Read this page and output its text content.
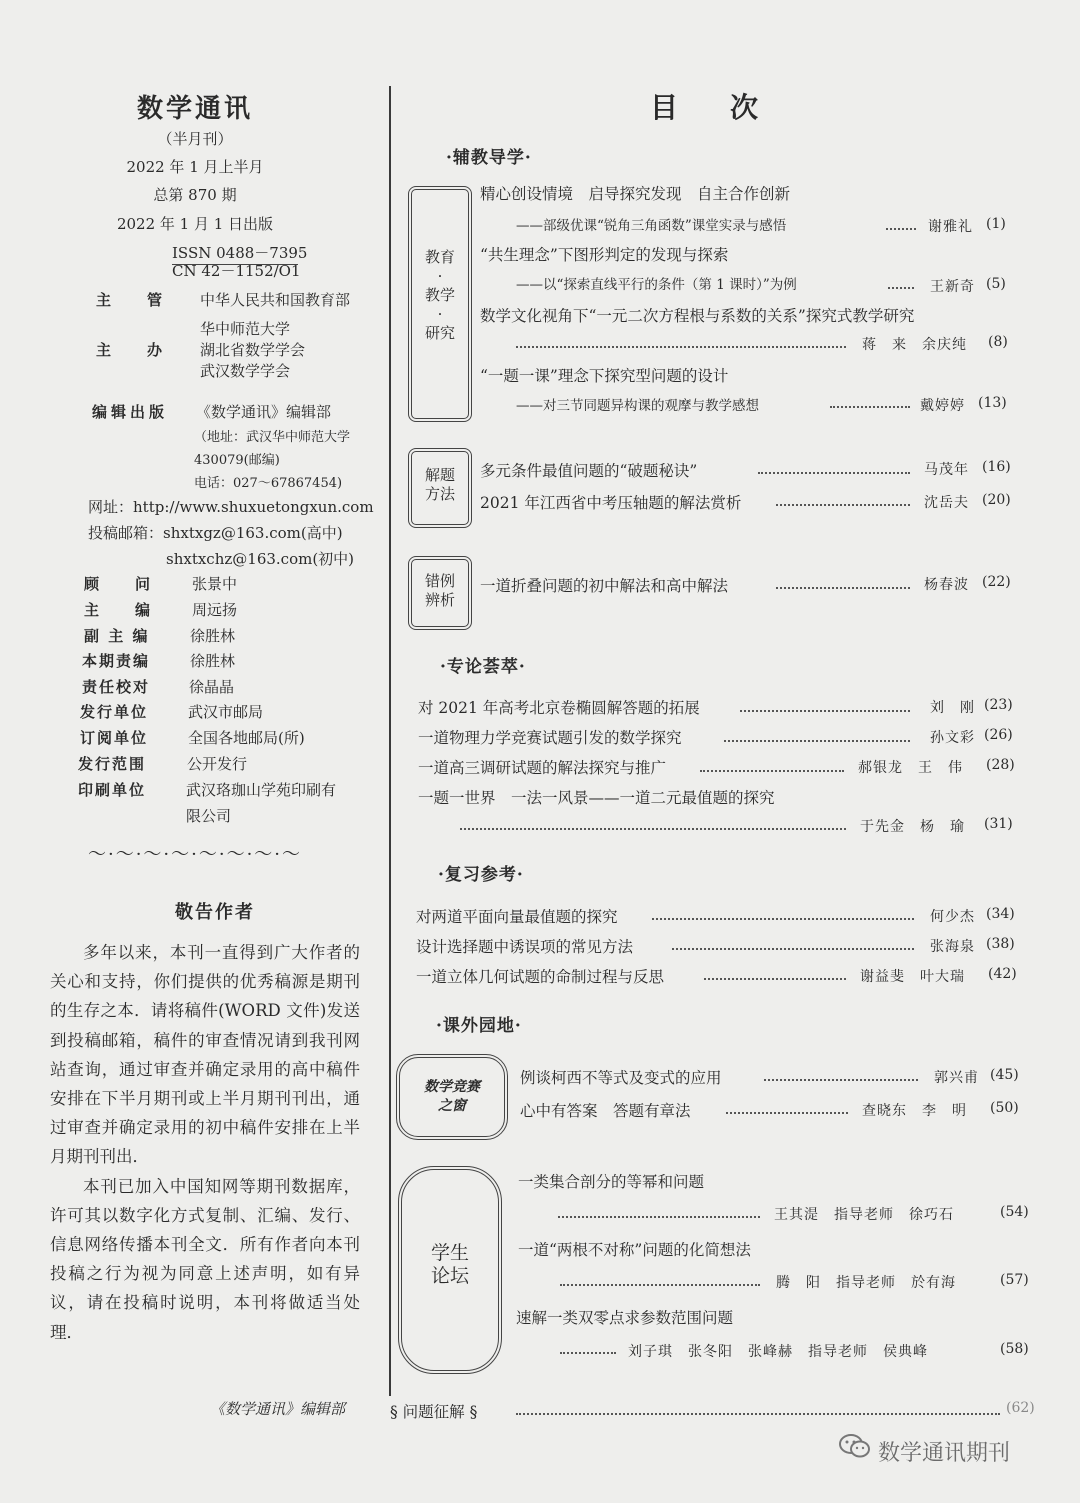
数学通讯
（半月刊）
2022 年 1 月上半月
总第 870 期
2022 年 1 月 1 日出版
ISSN 0488－7395
CN 42－1152/O1
主　　管 中华人民共和国教育部
华中师范大学
主　　办 湖北省数学学会
武汉数学学会
编辑出版 《数学通讯》编辑部
（地址：武汉华中师范大学
430079(邮编)
电话：027～67867454)
网址：http://www.shuxuetongxun.com
投稿邮箱：shxtxgz@163.com(高中)
shxtxchz@163.com(初中)
顾　　问	张景中
主　　编	周远扬
副 主 编	徐胜林
本期责编	徐胜林
责任校对	徐晶晶
发行单位	武汉市邮局
订阅单位	全国各地邮局(所)
发行范围	公开发行
印刷单位	武汉珞珈山学苑印刷有
限公司
～·～·～·～·～·～·～·～
敬告作者

多年以来，本刊一直得到广大作者的关心和支持，你们提供的优秀稿源是期刊的生存之本．请将稿件(WORD 文件)发送到投稿邮箱，稿件的审查情况请到我刊网站查询，通过审查并确定录用的高中稿件安排在下半月期刊或上半月期刊刊出，通过审查并确定录用的初中稿件安排在上半月期刊刊出．

本刊已加入中国知网等期刊数据库，许可其以数字化方式复制、汇编、发行、信息网络传播本刊全文．所有作者向本刊投稿之行为视为同意上述声明，如有异议，请在投稿时说明，本刊将做适当处理．

《数学通讯》编辑部
目次
·辅教导学·
教育
·
教学
·
研究
精心创设情境　启导探究发现　自主合作创新
——部级优课“锐角三角函数”课堂实录与感悟	谢雅礼 (1)
“共生理念”下图形判定的发现与探索
——以“探索直线平行的条件（第 1 课时）”为例	王新奇 (5)
数学文化视角下“一元二次方程根与系数的关系”探究式教学研究
蒋　来　余庆纯 (8)
“一题一课”理念下探究型问题的设计
——对三节同题异构课的观摩与教学感想	戴婷婷 (13)
解题
方法
多元条件最值问题的“破题秘诀”	马茂年 (16)
2021 年江西省中考压轴题的解法赏析	沈岳夫 (20)
错例
辨析
一道折叠问题的初中解法和高中解法	杨春波 (22)
·专论荟萃·
对 2021 年高考北京卷椭圆解答题的拓展	刘　刚 (23)
一道物理力学竞赛试题引发的数学探究	孙文彩 (26)
一道高三调研试题的解法探究与推广	郝银龙　王　伟 (28)
一题一世界　一法一风景——一道二元最值题的探究
于先金　杨　瑜 (31)
·复习参考·
对两道平面向量最值题的探究	何少杰 (34)
设计选择题中诱误项的常见方法	张海泉 (38)
一道立体几何试题的命制过程与反思	谢益斐　叶大瑞 (42)
·课外园地·
数学竞赛
之窗
例谈柯西不等式及变式的应用	郭兴甫 (45)
心中有答案　答题有章法	查晓东　李　明 (50)
学生
论坛
一类集合剖分的等幂和问题
王其湜　指导老师　徐巧石	(54)
一道“两根不对称”问题的化简想法
腾　阳　指导老师　於有海	(57)
速解一类双零点求参数范围问题
刘子琪　张冬阳　张峰赫　指导老师　侯典峰	(58)
§ 问题征解 §	(62)
数学通讯期刊
